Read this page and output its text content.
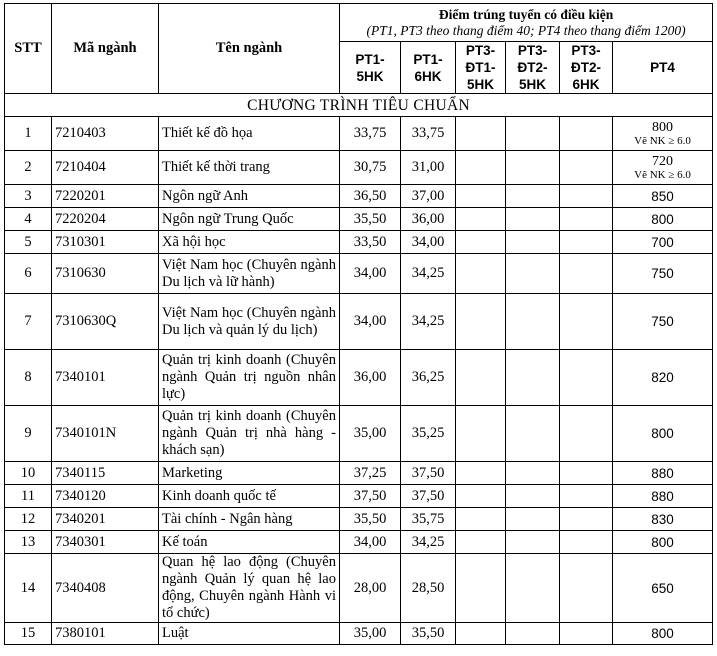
STT	Mã ngành	Tên ngành	Điểm trúng tuyển có điều kiện
(PT1, PT3 theo thang điểm 40; PT4 theo thang điểm 1200)					

			PT1-5HK	PT1-6HK	PT3-ĐT1-5HK	PT3-ĐT2-5HK	PT3-ĐT2-6HK	PT4
CHƯƠNG TRÌNH TIÊU CHUẨN								
1	7210403	Thiết kế đồ họa	33,75	33,75				800
Vẽ NK ≥ 6.0

2	7210404	Thiết kế thời trang	30,75	31,00				720
Vẽ NK ≥ 6.0

3	7220201	Ngôn ngữ Anh	36,50	37,00				850
4	7220204	Ngôn ngữ Trung Quốc	35,50	36,00				800
5	7310301	Xã hội học	33,50	34,00				700
6	7310630	Việt Nam học (Chuyên ngành Du lịch và lữ hành)	34,00	34,25				750
7	7310630Q	Việt Nam học (Chuyên ngành Du lịch và quản lý du lịch)	34,00	34,25				750
8	7340101	Quản trị kinh doanh (Chuyên ngành Quản trị nguồn nhân lực)	36,00	36,25				820
9	7340101N	Quản trị kinh doanh (Chuyên ngành Quản trị nhà hàng - khách sạn)	35,00	35,25				800
10	7340115	Marketing	37,25	37,50				880
11	7340120	Kinh doanh quốc tế	37,50	37,50				880
12	7340201	Tài chính - Ngân hàng	35,50	35,75				830
13	7340301	Kế toán	34,00	34,25				800
14	7340408	Quan hệ lao động (Chuyên ngành Quản lý quan hệ lao động, Chuyên ngành Hành vi tổ chức)	28,00	28,50				650
15	7380101	Luật	35,00	35,50				800
